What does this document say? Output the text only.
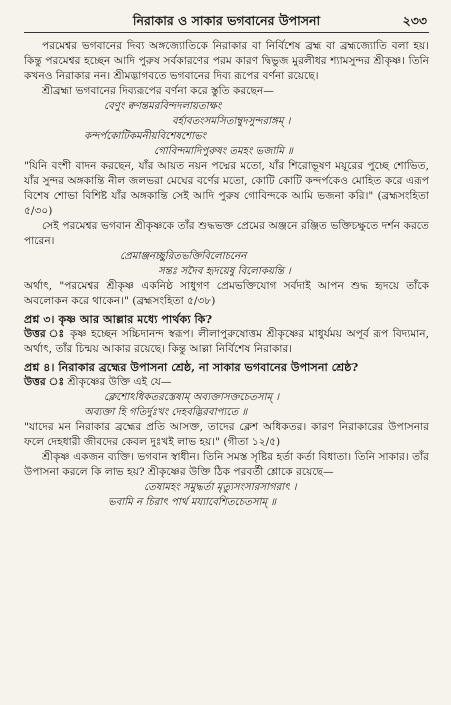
নিরাকার ও সাকার ভগবানের উপাসনা	২৩৩

পরমেশ্বর ভগবানের দিব্য অঙ্গজ্যোতিকে নিরাকার বা নির্বিশেষ ব্রহ্ম বা ব্রহ্মজ্যোতি বলা হয়। কিন্তু পরমেশ্বর হচ্ছেন আদি পুরুষ সর্বকারণের পরম কারণ দ্বিভুজ মুরলীধর শ্যামসুন্দর শ্রীকৃষ্ণ। তিনি কখনও নিরাকার নন। শ্রীমদ্ভাগবতে ভগবানের দিব্য রূপের বর্ণনা রয়েছে।

শ্রীব্রহ্মা ভগবানের দিব্যরূপের বর্ণনা করে স্তুতি করছেন—

বেণুং ক্বণন্তমরবিন্দদলায়তাক্ষং
বর্হাবতংসমসিতাম্বুদসুন্দরাঙ্গম্ ।
কন্দর্পকোটিকমনীয়বিশেষশোভং
গোবিন্দমাদিপুরুষং তমহং ভজামি ॥

"যিনি বংশী বাদন করছেন, যাঁর আয়ত নয়ন পদ্মের মতো, যাঁর শিরোভূষণ ময়ূরের পুচ্ছে শোভিত, যাঁর সুন্দর অঙ্গকান্তি নীল জলভরা মেঘের বর্ণের মতো, কোটি কোটি কন্দর্পকেও মোহিত করে এরূপ বিশেষ শোভা বিশিষ্ট যাঁর অঙ্গকান্তি সেই আদি পুরুষ গোবিন্দকে আমি ভজনা করি।" (ব্রহ্মসংহিতা ৫/৩০)

সেই পরমেশ্বর ভগবান শ্রীকৃষ্ণকে তাঁর শুদ্ধভক্ত প্রেমের অঞ্জনে রঞ্জিত ভক্তিচক্ষুতে দর্শন করতে পারেন।

প্রেমাঞ্জনচ্ছুরিতভক্তিবিলোচনেন
সন্তঃ সদৈব হৃদয়েষু বিলোকয়ন্তি ।

অর্থাৎ, "পরমেশ্বর শ্রীকৃষ্ণ একনিষ্ঠ সাধুগণ প্রেমভক্তিযোগ সর্বদাই আপন শুদ্ধ হৃদয়ে তাঁকে অবলোকন করে থাকেন।" (ব্রহ্মসংহিতা ৫/৩৮)

প্রশ্ন ৩। কৃষ্ণ আর আল্লার মধ্যে পার্থক্য কি?

উত্তর ঃ কৃষ্ণ হচ্ছেন সচ্চিদানন্দ স্বরূপ। লীলাপুরুষোত্তম শ্রীকৃষ্ণের মাধুর্যময় অপূর্ব রূপ বিদ্যমান, অর্থাৎ, তাঁর চিন্ময় আকার রয়েছে। কিন্তু আল্লা নির্বিশেষ নিরাকার।

প্রশ্ন ৪। নিরাকার ব্রহ্মের উপাসনা শ্রেষ্ঠ, না সাকার ভগবানের উপাসনা শ্রেষ্ঠ?

উত্তর ঃ শ্রীকৃষ্ণের উক্তি এই যে—

ক্লেশোঽধিকতরস্তেষাম্ অব্যক্তাসক্তচেতসাম্ ।
অব্যক্তা হি গতির্দুঃখং দেহবদ্ভিরবাপ্যতে ॥

"যাদের মন নিরাকার ব্রহ্মের প্রতি আসক্ত, তাদের ক্লেশ অধিকতর। কারণ নিরাকারের উপাসনার ফলে দেহধারী জীবদের কেবল দুঃখই লাভ হয়।" (গীতা ১২/৫)

শ্রীকৃষ্ণ একজন ব্যক্তি। ভগবান স্বাধীন। তিনি সমস্ত সৃষ্টির হর্তা কর্তা বিধাতা। তিনি সাকার। তাঁর উপাসনা করলে কি লাভ হয়? শ্রীকৃষ্ণের উক্তি ঠিক পরবর্তী শ্লোকে রয়েছে—

তেষামহং সমুদ্ধর্তা মৃত্যুসংসারসাগরাৎ ।
ভবামি ন চিরাৎ পার্থ ময্যাবেশিতচেতসাম্ ॥
